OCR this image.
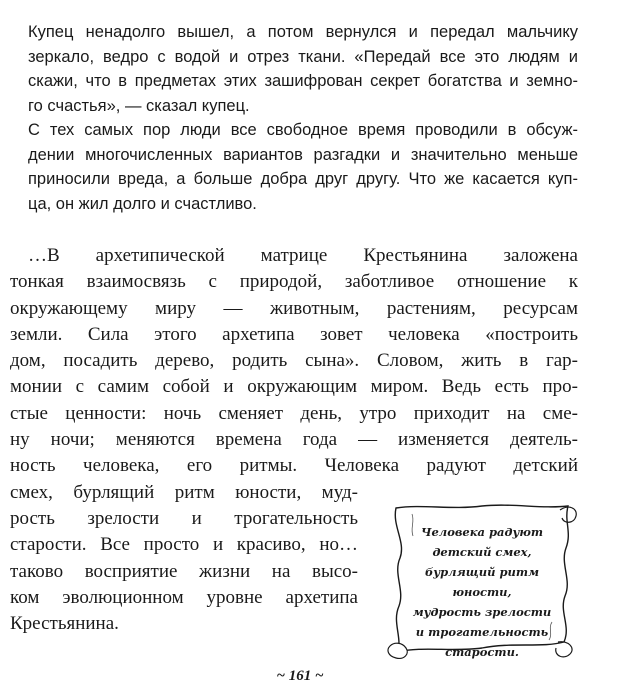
Купец ненадолго вышел, а потом вернулся и передал мальчику
зеркало, ведро с водой и отрез ткани. «Передай все это людям и
скажи, что в предметах этих зашифрован секрет богатства и земно-
го счастья», — сказал купец.

С тех самых пор люди все свободное время проводили в обсуж-
дении многочисленных вариантов разгадки и значительно меньше
приносили вреда, а больше добра друг другу. Что же касается куп-
ца, он жил долго и счастливо.

…В архетипической матрице Крестьянина заложена
тонкая взаимосвязь с природой, заботливое отношение к
окружающему миру — животным, растениям, ресурсам
земли. Сила этого архетипа зовет человека «построить
дом, посадить дерево, родить сына». Словом, жить в гар-
монии с самим собой и окружающим миром. Ведь есть про-
стые ценности: ночь сменяет день, утро приходит на сме-
ну ночи; меняются времена года — изменяется деятель-
ность человека, его ритмы. Человека радуют детский
смех, бурлящий ритм юности, муд-
рость зрелости и трогательность
старости. Все просто и красиво, но…
таково восприятие жизни на высо-
ком эволюционном уровне архетипа
Крестьянина.
Человека радуют
детский смех,
бурлящий ритм юности,
мудрость зрелости
и трогательность
старости.
~ 161 ~
